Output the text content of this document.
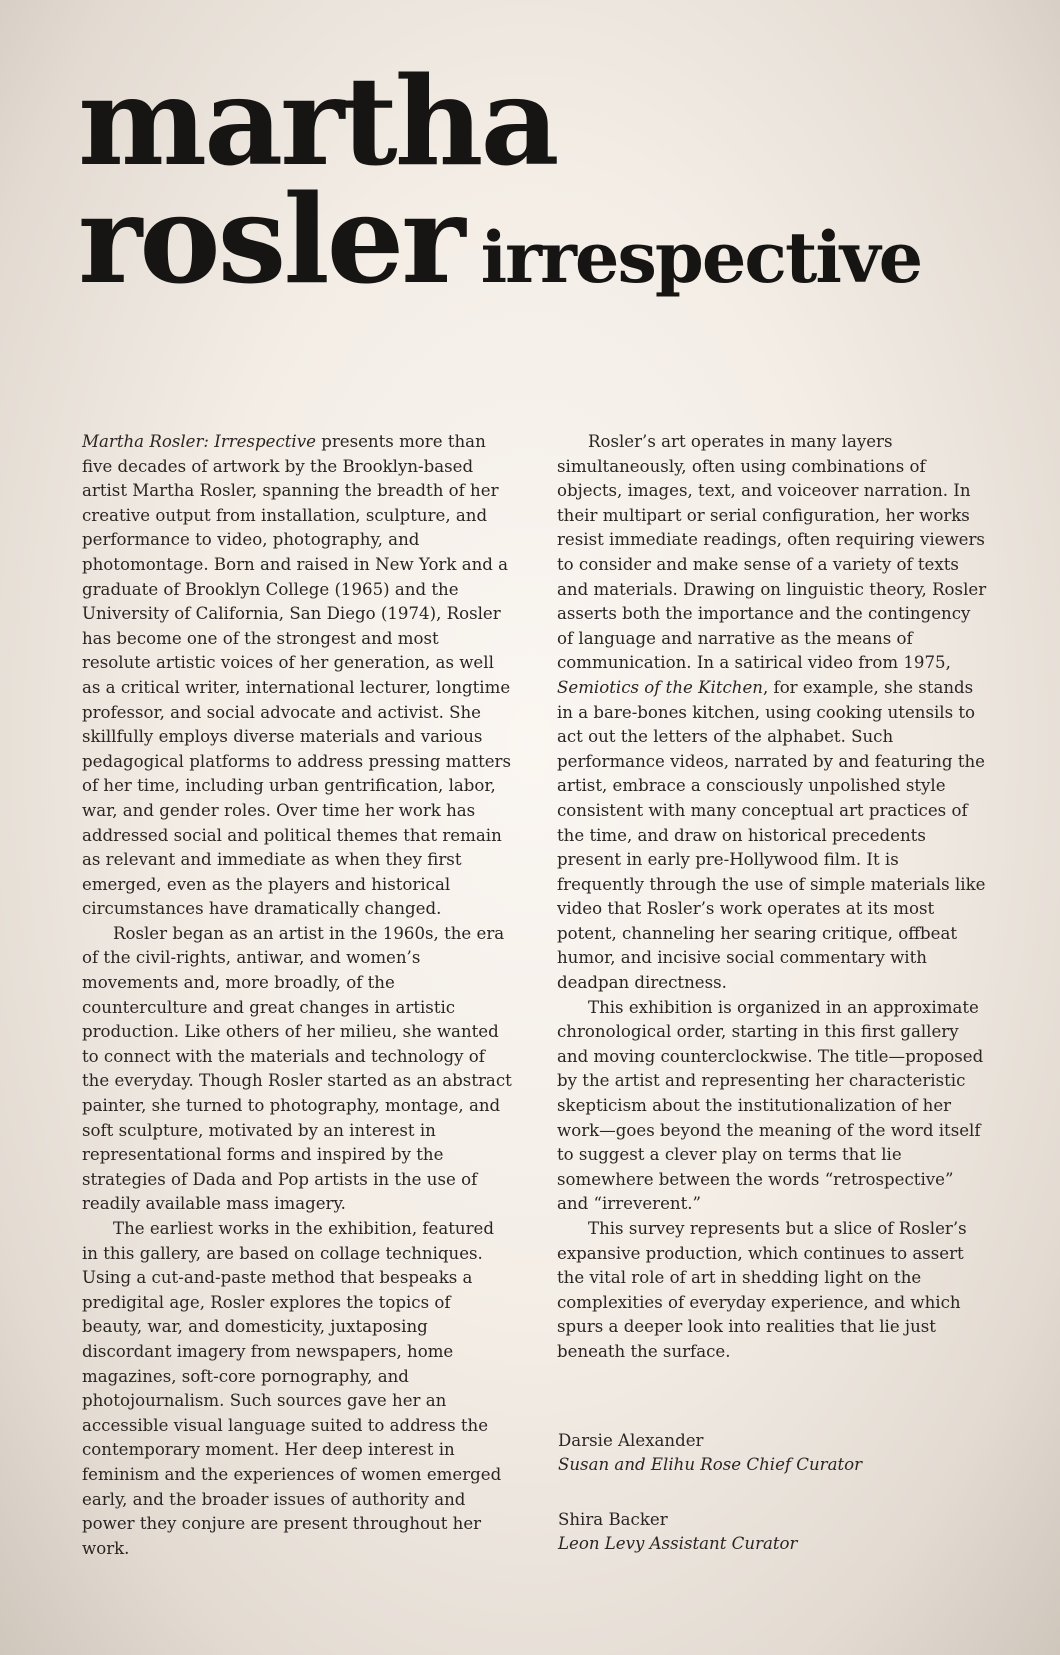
martha
rosler irrespective

Martha Rosler: Irrespective presents more than five decades of artwork by the Brooklyn-based artist Martha Rosler, spanning the breadth of her creative output from installation, sculpture, and performance to video, photography, and photomontage. Born and raised in New York and a graduate of Brooklyn College (1965) and the University of California, San Diego (1974), Rosler has become one of the strongest and most resolute artistic voices of her generation, as well as a critical writer, international lecturer, longtime professor, and social advocate and activist. She skillfully employs diverse materials and various pedagogical platforms to address pressing matters of her time, including urban gentrification, labor, war, and gender roles. Over time her work has addressed social and political themes that remain as relevant and immediate as when they first emerged, even as the players and historical circumstances have dramatically changed.

Rosler began as an artist in the 1960s, the era of the civil-rights, antiwar, and women’s movements and, more broadly, of the counterculture and great changes in artistic production. Like others of her milieu, she wanted to connect with the materials and technology of the everyday. Though Rosler started as an abstract painter, she turned to photography, montage, and soft sculpture, motivated by an interest in representational forms and inspired by the strategies of Dada and Pop artists in the use of readily available mass imagery.

The earliest works in the exhibition, featured in this gallery, are based on collage techniques. Using a cut-and-paste method that bespeaks a predigital age, Rosler explores the topics of beauty, war, and domesticity, juxtaposing discordant imagery from newspapers, home magazines, soft-core pornography, and photojournalism. Such sources gave her an accessible visual language suited to address the contemporary moment. Her deep interest in feminism and the experiences of women emerged early, and the broader issues of authority and power they conjure are present throughout her work.

Rosler’s art operates in many layers simultaneously, often using combinations of objects, images, text, and voiceover narration. In their multipart or serial configuration, her works resist immediate readings, often requiring viewers to consider and make sense of a variety of texts and materials. Drawing on linguistic theory, Rosler asserts both the importance and the contingency of language and narrative as the means of communication. In a satirical video from 1975, Semiotics of the Kitchen, for example, she stands in a bare-bones kitchen, using cooking utensils to act out the letters of the alphabet. Such performance videos, narrated by and featuring the artist, embrace a consciously unpolished style consistent with many conceptual art practices of the time, and draw on historical precedents present in early pre-Hollywood film. It is frequently through the use of simple materials like video that Rosler’s work operates at its most potent, channeling her searing critique, offbeat humor, and incisive social commentary with deadpan directness.

This exhibition is organized in an approximate chronological order, starting in this first gallery and moving counterclockwise. The title—proposed by the artist and representing her characteristic skepticism about the institutionalization of her work—goes beyond the meaning of the word itself to suggest a clever play on terms that lie somewhere between the words “retrospective” and “irreverent.”

This survey represents but a slice of Rosler’s expansive production, which continues to assert the vital role of art in shedding light on the complexities of everyday experience, and which spurs a deeper look into realities that lie just beneath the surface.

Darsie Alexander
Susan and Elihu Rose Chief Curator
Shira Backer
Leon Levy Assistant Curator
